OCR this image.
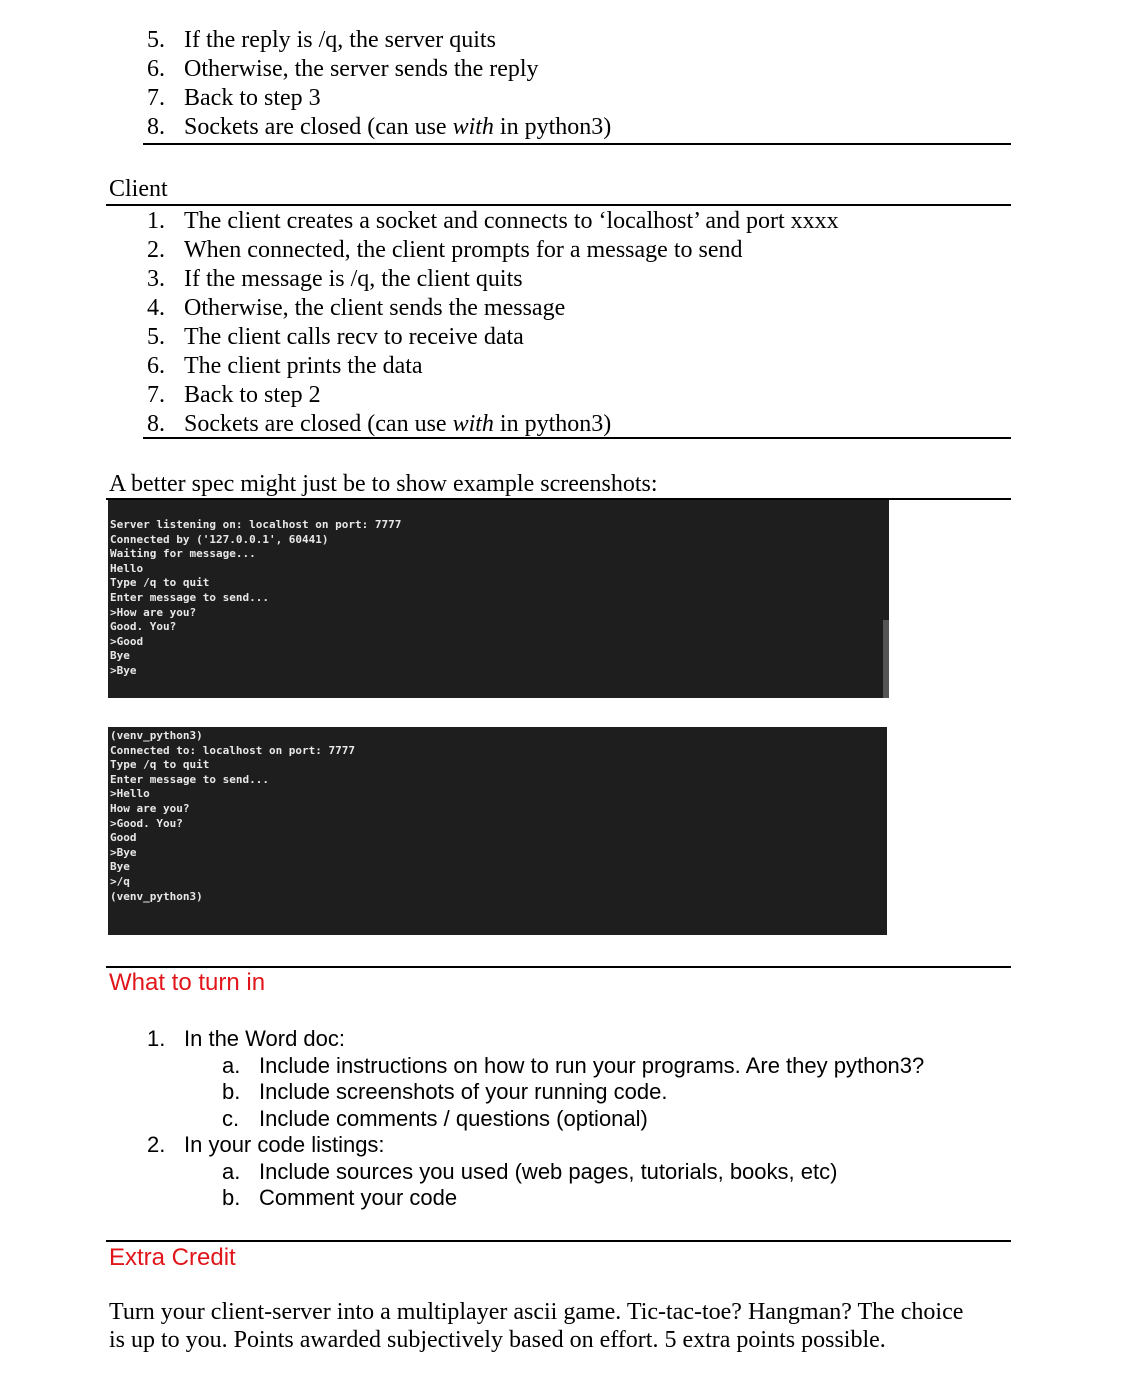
5. If the reply is /q, the server quits
6. Otherwise, the server sends the reply
7. Back to step 3
8. Sockets are closed (can use with in python3)
Client
1. The client creates a socket and connects to ‘localhost’ and port xxxx
2. When connected, the client prompts for a message to send
3. If the message is /q, the client quits
4. Otherwise, the client sends the message
5. The client calls recv to receive data
6. The client prints the data
7. Back to step 2
8. Sockets are closed (can use with in python3)
A better spec might just be to show example screenshots:
Server listening on: localhost on port: 7777
Connected by ('127.0.0.1', 60441)
Waiting for message...
Hello
Type /q to quit
Enter message to send...
>How are you?
Good. You?
>Good
Bye
>Bye
(venv_python3)
Connected to: localhost on port: 7777
Type /q to quit
Enter message to send...
>Hello
How are you?
>Good. You?
Good
>Bye
Bye
>/q
(venv_python3)
What to turn in
1. In the Word doc:
a. Include instructions on how to run your programs. Are they python3?
b. Include screenshots of your running code.
c. Include comments / questions (optional)
2. In your code listings:
a. Include sources you used (web pages, tutorials, books, etc)
b. Comment your code
Extra Credit
Turn your client-server into a multiplayer ascii game. Tic-tac-toe? Hangman? The choice
is up to you. Points awarded subjectively based on effort. 5 extra points possible.
